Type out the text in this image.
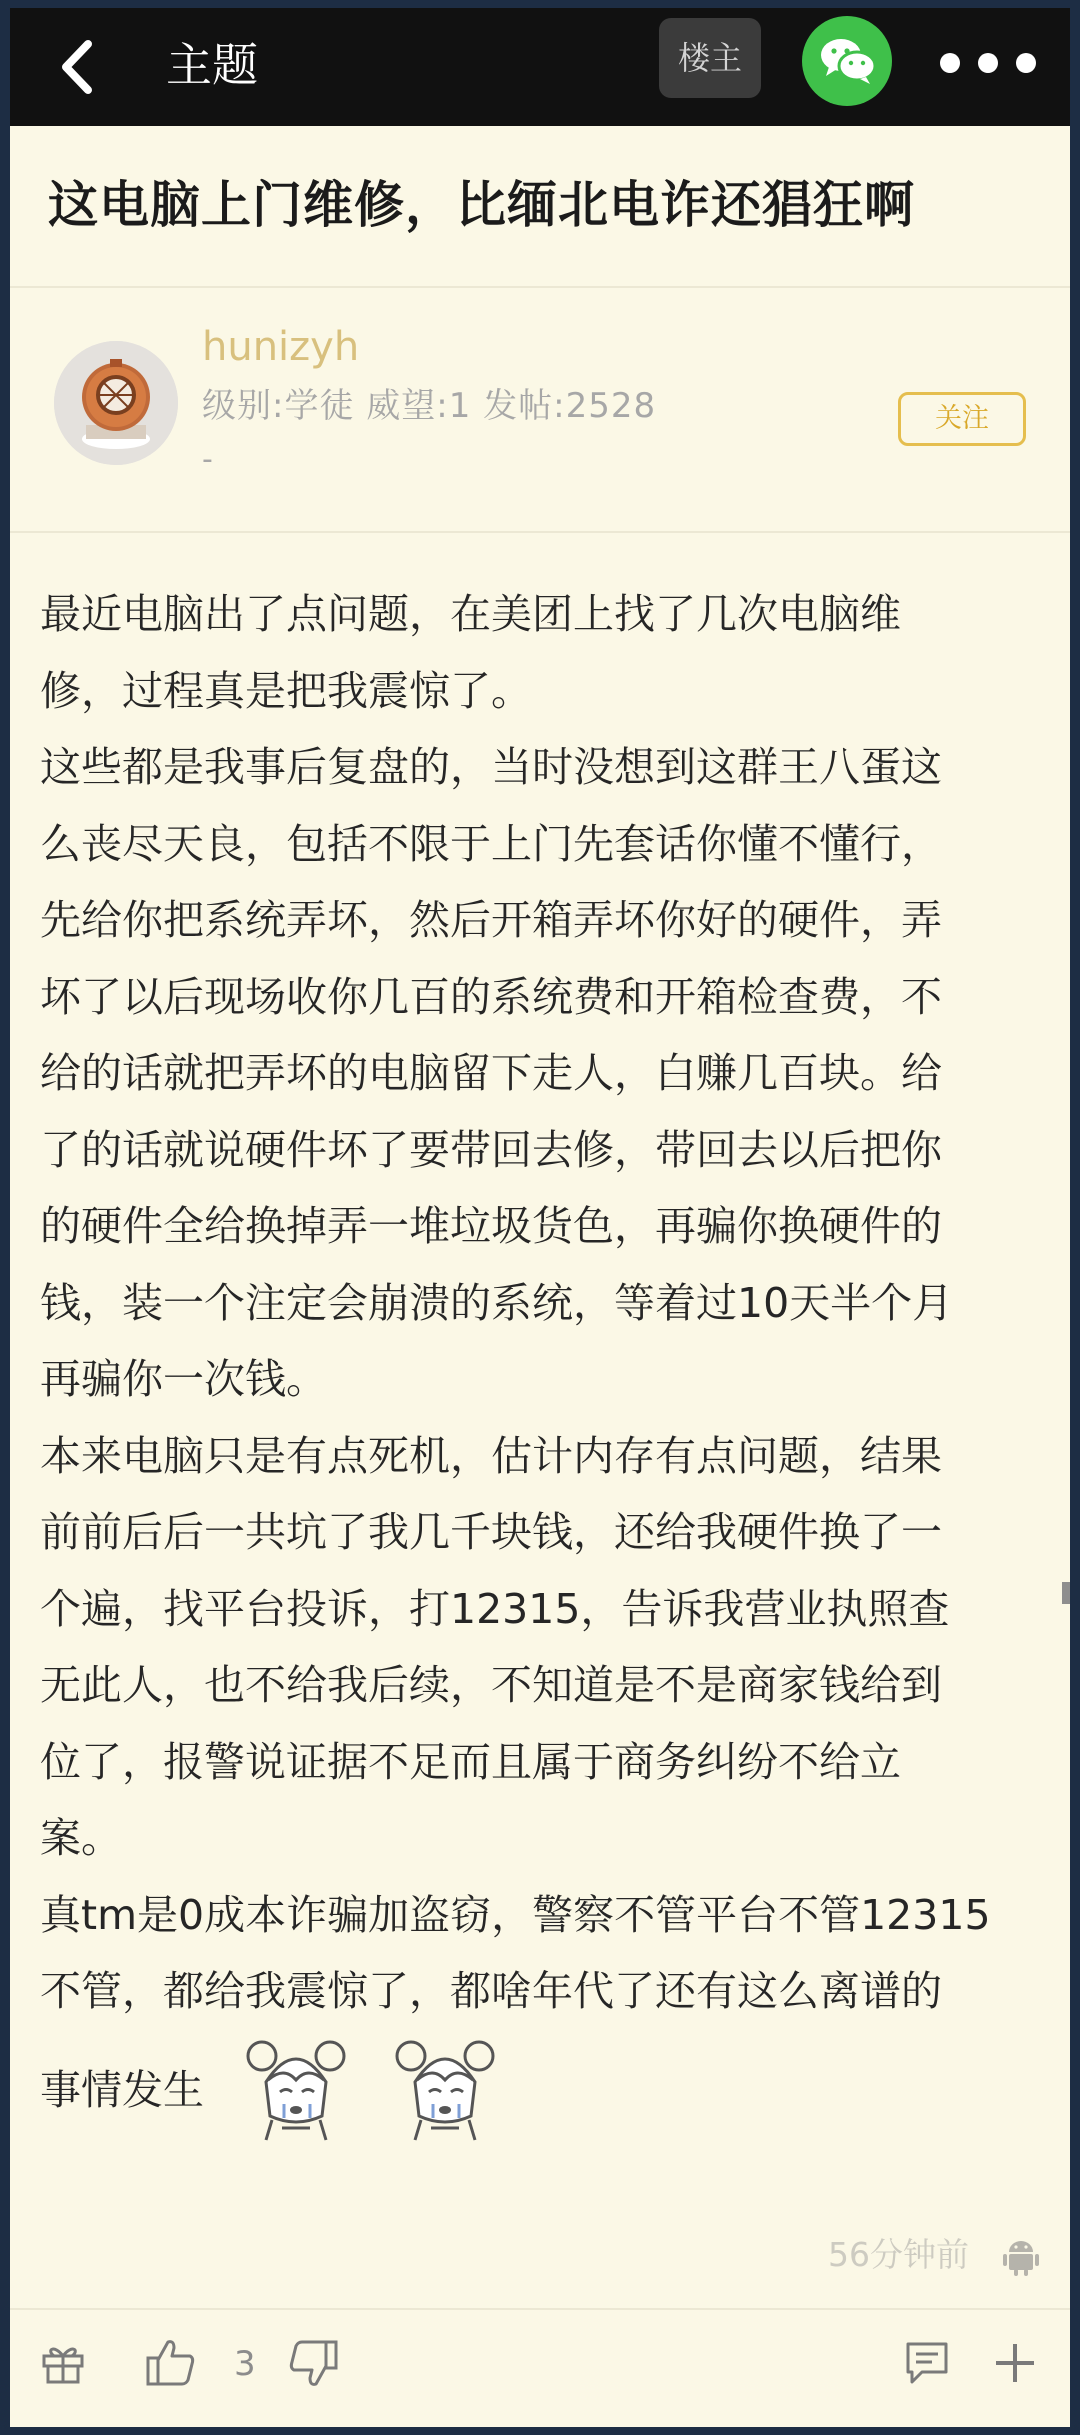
主题	楼主
这电脑上门维修，比缅北电诈还猖狂啊
hunizyh
级别:学徒 威望:1 发帖:2528
-
关注

最近电脑出了点问题，在美团上找了几次电脑维

修，过程真是把我震惊了。

这些都是我事后复盘的，当时没想到这群王八蛋这

么丧尽天良，包括不限于上门先套话你懂不懂行，

先给你把系统弄坏，然后开箱弄坏你好的硬件，弄

坏了以后现场收你几百的系统费和开箱检查费，不

给的话就把弄坏的电脑留下走人，白赚几百块。给

了的话就说硬件坏了要带回去修，带回去以后把你

的硬件全给换掉弄一堆垃圾货色，再骗你换硬件的

钱，装一个注定会崩溃的系统，等着过10天半个月

再骗你一次钱。

本来电脑只是有点死机，估计内存有点问题，结果

前前后后一共坑了我几千块钱，还给我硬件换了一

个遍，找平台投诉，打12315，告诉我营业执照查

无此人，也不给我后续，不知道是不是商家钱给到

位了，报警说证据不足而且属于商务纠纷不给立

案。

真tm是0成本诈骗加盗窃，警察不管平台不管12315

不管，都给我震惊了，都啥年代了还有这么离谱的

事情发生

56分钟前
3
